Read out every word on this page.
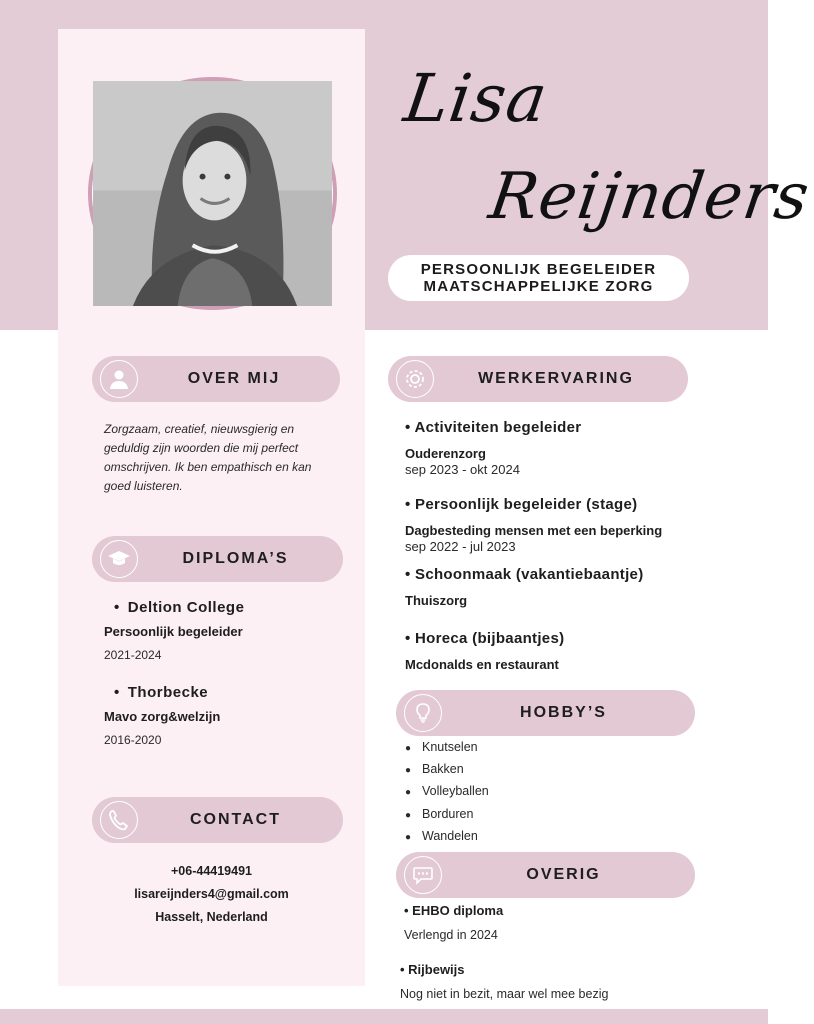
Lisa
Reijnders
PERSOONLIJK BEGELEIDER
MAATSCHAPPELIJKE ZORG
OVER MIJ
Zorgzaam, creatief, nieuwsgierig en geduldig zijn woorden die mij perfect omschrijven. Ik ben empathisch en kan goed luisteren.
DIPLOMA’S
• Deltion College
Persoonlijk begeleider
2021-2024
• Thorbecke
Mavo zorg&welzijn
2016-2020
CONTACT
+06-44419491
lisareijnders4@gmail.com
Hasselt, Nederland
WERKERVARING
• Activiteiten begeleider
Ouderenzorg
sep 2023 - okt 2024
• Persoonlijk begeleider (stage)
Dagbesteding mensen met een beperking
sep 2022 - jul 2023
• Schoonmaak (vakantiebaantje)
Thuiszorg
• Horeca (bijbaantjes)
Mcdonalds en restaurant
HOBBY’S
● Knutselen
● Bakken
● Volleyballen
● Borduren
● Wandelen
OVERIG
• EHBO diploma
Verlengd in 2024
• Rijbewijs
Nog niet in bezit, maar wel mee bezig
